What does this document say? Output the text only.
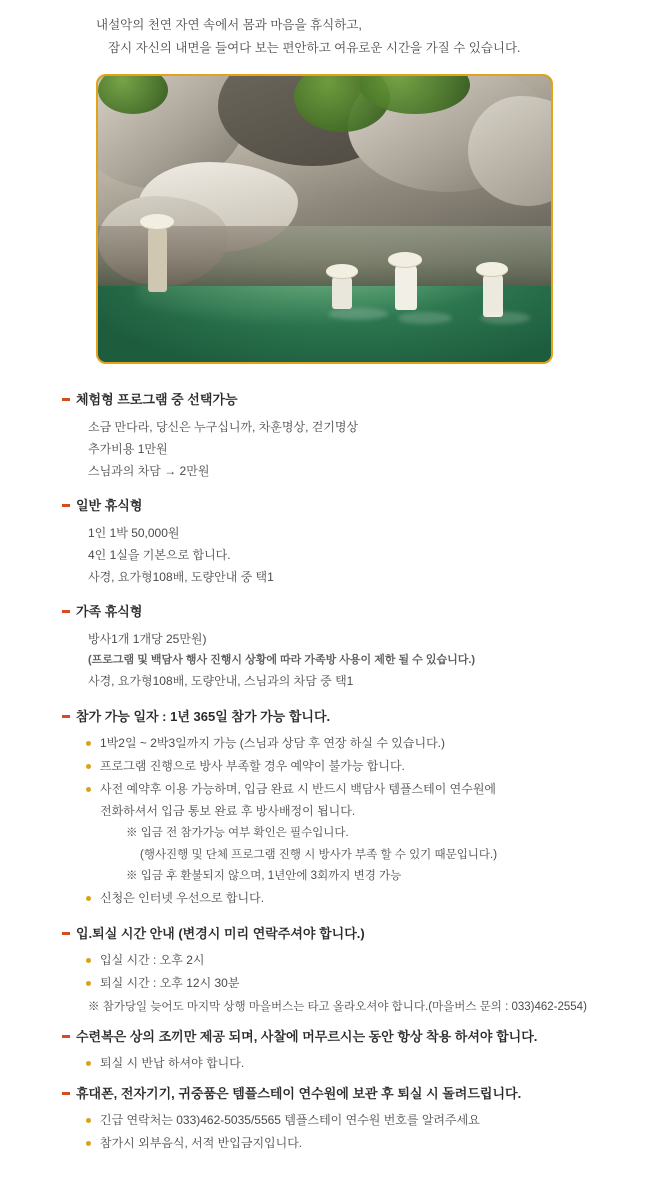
내설악의 천연 자연 속에서 몸과 마음을 휴식하고,
잠시 자신의 내면을 들여다 보는 편안하고 여유로운 시간을 가질 수 있습니다.
체험형 프로그램 중 선택가능
소금 만다라, 당신은 누구십니까, 차훈명상, 걷기명상
추가비용 1만원
스님과의 차담 → 2만원
일반 휴식형
1인 1박 50,000원
4인 1실을 기본으로 합니다.
사경, 요가형108배, 도량안내 중 택1
가족 휴식형
방사1개 1개당 25만원)
(프로그램 및 백담사 행사 진행시 상황에 따라 가족방 사용이 제한 될 수 있습니다.)
사경, 요가형108배, 도량안내, 스님과의 차담 중 택1
참가 가능 일자 : 1년 365일 참가 가능 합니다.
1박2일 ~ 2박3일까지 가능 (스님과 상담 후 연장 하실 수 있습니다.)
프로그램 진행으로 방사 부족할 경우 예약이 불가능 합니다.
사전 예약후 이용 가능하며, 입금 완료 시 반드시 백담사 템플스테이 연수원에
전화하셔서 입금 통보 완료 후 방사배정이 됩니다.
※ 입금 전 참가가능 여부 확인은 필수입니다.
(행사진행 및 단체 프로그램 진행 시 방사가 부족 할 수 있기 때문입니다.)
※ 입금 후 환불되지 않으며, 1년안에 3회까지 변경 가능
신청은 인터넷 우선으로 합니다.
입.퇴실 시간 안내 (변경시 미리 연락주셔야 합니다.)
입실 시간 : 오후 2시
퇴실 시간 : 오후 12시 30분
※ 참가당일 늦어도 마지막 상행 마을버스는 타고 올라오셔야 합니다.(마을버스 문의 : 033)462-2554)
수련복은 상의 조끼만 제공 되며, 사찰에 머무르시는 동안 항상 착용 하셔야 합니다.
퇴실 시 반납 하셔야 합니다.
휴대폰, 전자기기, 귀중품은 템플스테이 연수원에 보관 후 퇴실 시 돌려드립니다.
긴급 연락처는 033)462-5035/5565 템플스테이 연수원 번호를 알려주세요
참가시 외부음식, 서적 반입금지입니다.
